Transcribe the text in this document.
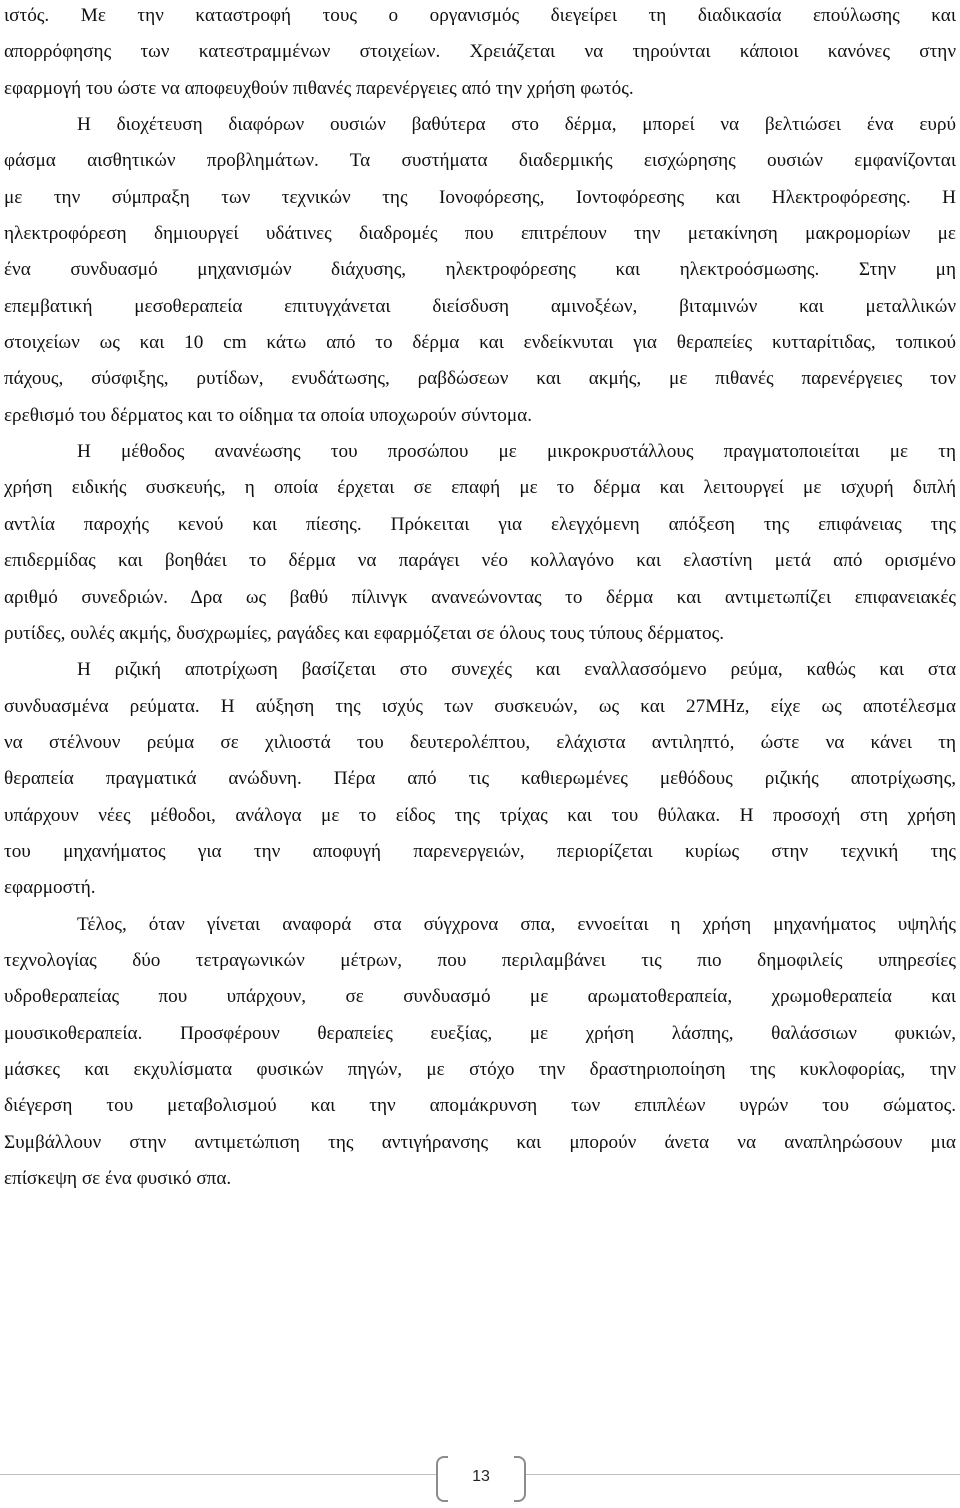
ιστός. Με την καταστροφή τους ο οργανισμός διεγείρει τη διαδικασία επούλωσης και
απορρόφησης των κατεστραμμένων στοιχείων. Χρειάζεται να τηρούνται κάποιοι κανόνες στην
εφαρμογή του ώστε να αποφευχθούν πιθανές παρενέργειες από την χρήση φωτός.
Η διοχέτευση διαφόρων ουσιών βαθύτερα στο δέρμα, μπορεί να βελτιώσει ένα ευρύ
φάσμα αισθητικών προβλημάτων. Τα συστήματα διαδερμικής εισχώρησης ουσιών εμφανίζονται
με την σύμπραξη των τεχνικών της Ιονοφόρεσης, Ιοντοφόρεσης και Ηλεκτροφόρεσης. Η
ηλεκτροφόρεση δημιουργεί υδάτινες διαδρομές που επιτρέπουν την μετακίνηση μακρομορίων με
ένα συνδυασμό μηχανισμών διάχυσης, ηλεκτροφόρεσης και ηλεκτροόσμωσης. Στην μη
επεμβατική μεσοθεραπεία επιτυγχάνεται διείσδυση αμινοξέων, βιταμινών και μεταλλικών
στοιχείων ως και 10 cm κάτω από το δέρμα και ενδείκνυται για θεραπείες κυτταρίτιδας, τοπικού
πάχους, σύσφιξης, ρυτίδων, ενυδάτωσης, ραβδώσεων και ακμής, με πιθανές παρενέργειες τον
ερεθισμό του δέρματος και το οίδημα τα οποία υποχωρούν σύντομα.
Η μέθοδος ανανέωσης του προσώπου με μικροκρυστάλλους πραγματοποιείται με τη
χρήση ειδικής συσκευής, η οποία έρχεται σε επαφή με το δέρμα και λειτουργεί με ισχυρή διπλή
αντλία παροχής κενού και πίεσης. Πρόκειται για ελεγχόμενη απόξεση της επιφάνειας της
επιδερμίδας και βοηθάει το δέρμα να παράγει νέο κολλαγόνο και ελαστίνη μετά από ορισμένο
αριθμό συνεδριών. Δρα ως βαθύ πίλινγκ ανανεώνοντας το δέρμα και αντιμετωπίζει επιφανειακές
ρυτίδες, ουλές ακμής, δυσχρωμίες, ραγάδες και εφαρμόζεται σε όλους τους τύπους δέρματος.
Η ριζική αποτρίχωση βασίζεται στο συνεχές και εναλλασσόμενο ρεύμα, καθώς και στα
συνδυασμένα ρεύματα. Η αύξηση της ισχύς των συσκευών, ως και 27MHz, είχε ως αποτέλεσμα
να στέλνουν ρεύμα σε χιλιοστά του δευτερολέπτου, ελάχιστα αντιληπτό, ώστε να κάνει τη
θεραπεία πραγματικά ανώδυνη. Πέρα από τις καθιερωμένες μεθόδους ριζικής αποτρίχωσης,
υπάρχουν νέες μέθοδοι, ανάλογα με το είδος της τρίχας και του θύλακα. Η προσοχή στη χρήση
του μηχανήματος για την αποφυγή παρενεργειών, περιορίζεται κυρίως στην τεχνική της
εφαρμοστή.
Τέλος, όταν γίνεται αναφορά στα σύγχρονα σπα, εννοείται η χρήση μηχανήματος υψηλής
τεχνολογίας δύο τετραγωνικών μέτρων, που περιλαμβάνει τις πιο δημοφιλείς υπηρεσίες
υδροθεραπείας που υπάρχουν, σε συνδυασμό με αρωματοθεραπεία, χρωμοθεραπεία και
μουσικοθεραπεία. Προσφέρουν θεραπείες ευεξίας, με χρήση λάσπης, θαλάσσιων φυκιών,
μάσκες και εκχυλίσματα φυσικών πηγών, με στόχο την δραστηριοποίηση της κυκλοφορίας, την
διέγερση του μεταβολισμού και την απομάκρυνση των επιπλέων υγρών του σώματος.
Συμβάλλουν στην αντιμετώπιση της αντιγήρανσης και μπορούν άνετα να αναπληρώσουν μια
επίσκεψη σε ένα φυσικό σπα.
13
